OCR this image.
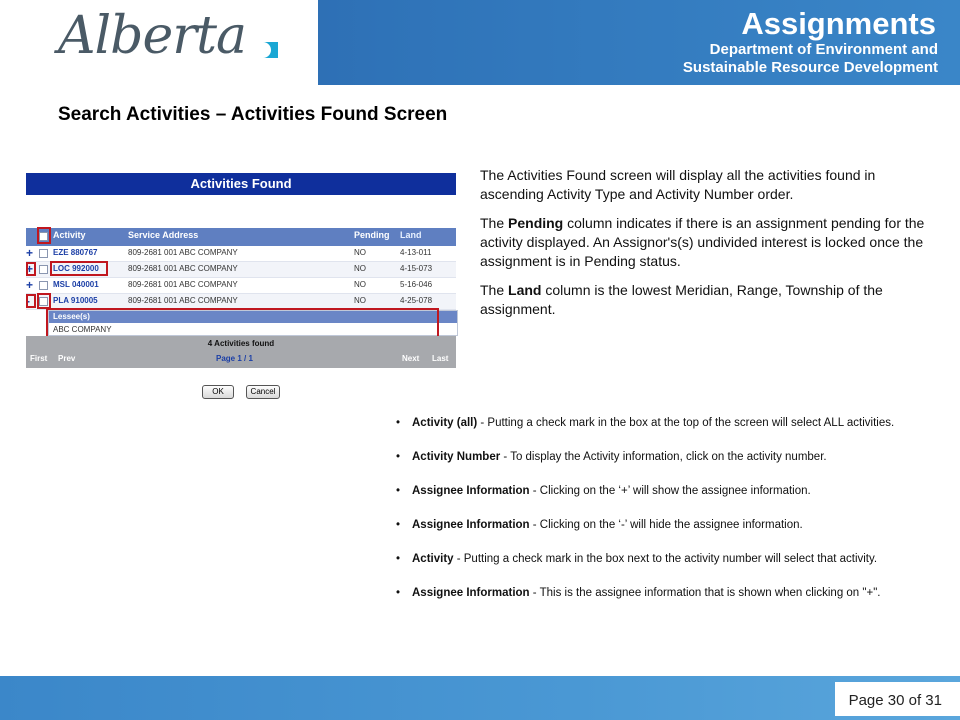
Alberta	Assignments
Department of Environment and
Sustainable Resource Development
Search Activities – Activities Found Screen
Activities Found
Activity	Service Address	Pending Land
+	EZE 880767	809-2681 001 ABC COMPANY	NO	4-13-011
+	LOC 992000	809-2681 001 ABC COMPANY	NO	4-15-073
+	MSL 040001	809-2681 001 ABC COMPANY	NO	5-16-046
-	PLA 910005	809-2681 001 ABC COMPANY	NO	4-25-078
Lessee(s)
ABC COMPANY
4 Activities found
First Prev	Page 1 / 1	Next Last
OK	Cancel

The Activities Found screen will display all the activities found in ascending Activity Type and Activity Number order.

The Pending column indicates if there is an assignment pending for the activity displayed. An Assignor's(s) undivided interest is locked once the assignment is in Pending status.

The Land column is the lowest Meridian, Range, Township of the assignment.

• Activity (all) - Putting a check mark in the box at the top of the screen will select ALL activities.
• Activity Number - To display the Activity information, click on the activity number.
• Assignee Information - Clicking on the ‘+’ will show the assignee information.
• Assignee Information - Clicking on the ‘-’ will hide the assignee information.
• Activity - Putting a check mark in the box next to the activity number will select that activity.
• Assignee Information - This is the assignee information that is shown when clicking on "+".
Page 30 of 31
